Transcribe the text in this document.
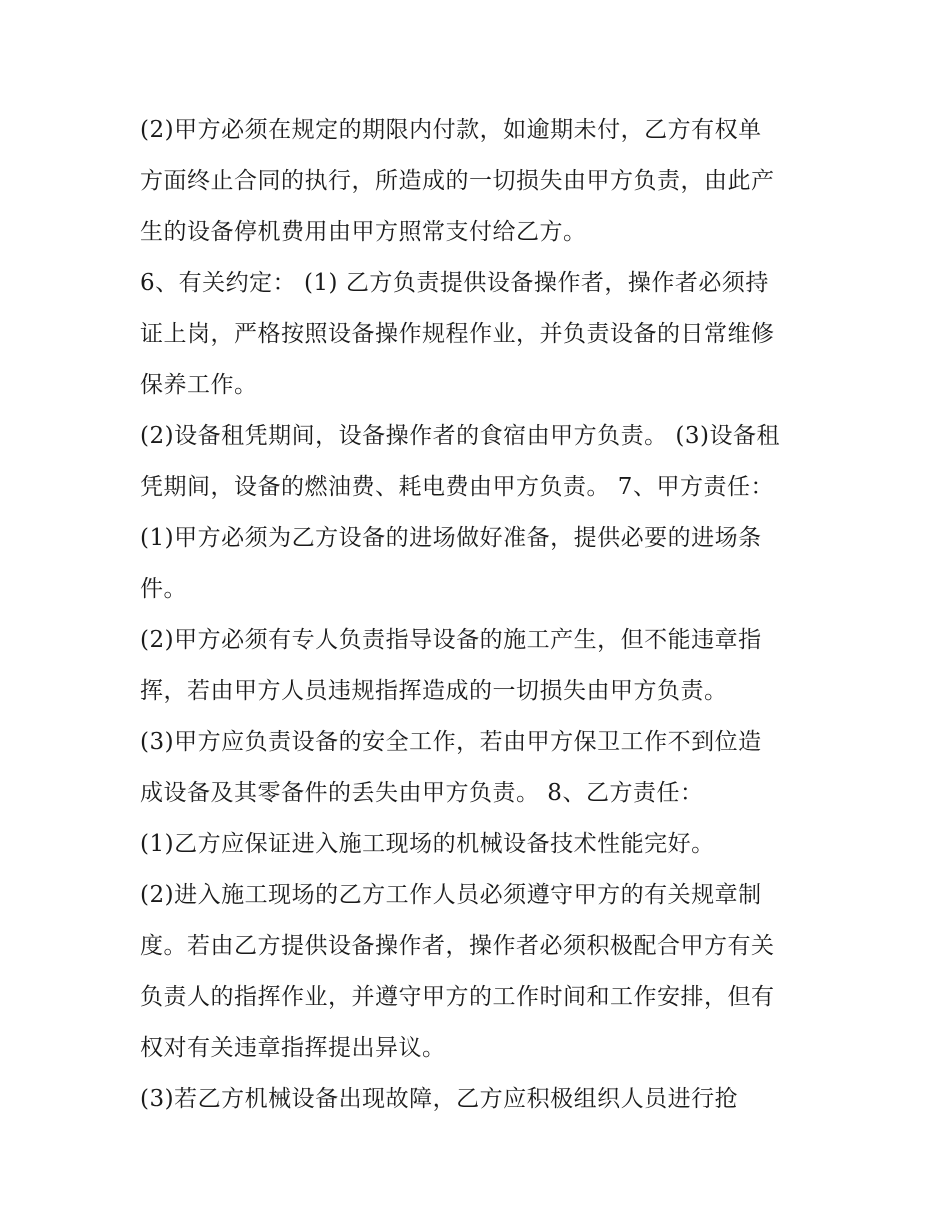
(2)甲方必须在规定的期限内付款，如逾期未付，乙方有权单
方面终止合同的执行，所造成的一切损失由甲方负责，由此产
生的设备停机费用由甲方照常支付给乙方。
6、有关约定： (1) 乙方负责提供设备操作者，操作者必须持
证上岗，严格按照设备操作规程作业，并负责设备的日常维修
保养工作。
(2)设备租凭期间，设备操作者的食宿由甲方负责。 (3)设备租
凭期间，设备的燃油费、耗电费由甲方负责。 7、甲方责任：
(1)甲方必须为乙方设备的进场做好准备，提供必要的进场条
件。
(2)甲方必须有专人负责指导设备的施工产生，但不能违章指
挥，若由甲方人员违规指挥造成的一切损失由甲方负责。
(3)甲方应负责设备的安全工作，若由甲方保卫工作不到位造
成设备及其零备件的丢失由甲方负责。 8、乙方责任：
(1)乙方应保证进入施工现场的机械设备技术性能完好。
(2)进入施工现场的乙方工作人员必须遵守甲方的有关规章制
度。若由乙方提供设备操作者，操作者必须积极配合甲方有关
负责人的指挥作业，并遵守甲方的工作时间和工作安排，但有
权对有关违章指挥提出异议。
(3)若乙方机械设备出现故障，乙方应积极组织人员进行抢
